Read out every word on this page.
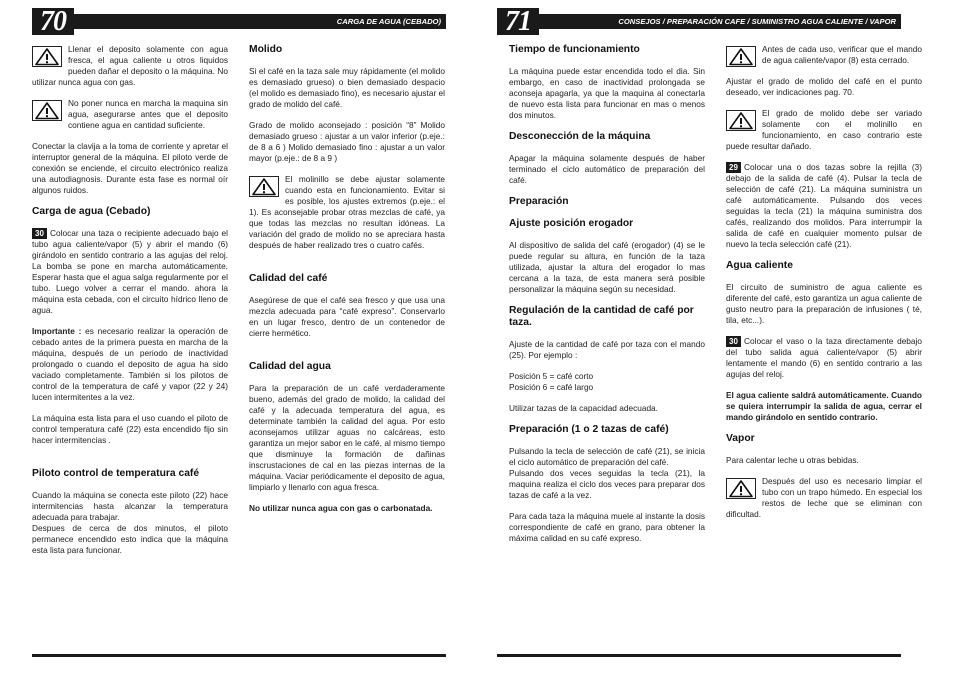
70	CARGA DE AGUA (CEBADO)

Llenar el deposito solamente con agua fresca, el agua caliente u otros liquidos pueden dañar el deposito o la máquina. No utilizar nunca agua con gas.

No poner nunca en marcha la maquina sin agua, asegurarse antes que el deposito contiene agua en cantidad suficiente.

Conectar la clavija a la toma de corriente y apretar el interruptor general de la máquina. El piloto verde de conexión se enciende, el circuito electrónico realiza una autodiagnosis. Durante esta fase es normal oír algunos ruidos.

Carga de agua (Cebado)

30 Colocar una taza o recipiente adecuado bajo el tubo agua caliente/vapor (5) y abrir el mando (6) girándolo en sentido contrario a las agujas del reloj. La bomba se pone en marcha automáticamente. Esperar hasta que el agua salga regularmente por el tubo. Luego volver a cerrar el mando. ahora la máquina esta cebada, con el circuito hídrico lleno de agua.

Importante : es necesario realizar la operación de cebado antes de la primera puesta en marcha de la máquina, después de un periodo de inactividad prolongado o cuando el deposito de agua ha sido vaciado completamente. También si los pilotos de control de la temperatura de café y vapor (22 y 24) lucen intermitentes a la vez.

La máquina esta lista para el uso cuando el piloto de control temperatura café (22) esta encendido fijo sin hacer intermitencias .

Piloto control de temperatura café

Cuando la máquina se conecta este piloto (22) hace intermitencias hasta alcanzar la temperatura adecuada para trabajar.

Despues de cerca de dos minutos, el piloto permanece encendido esto indica que la máquina esta lista para funcionar.

Molido

Si el café en la taza sale muy rápidamente (el molido es demasiado grueso) o bien demasiado despacio (el molido es demasiado fino), es necesario ajustar el grado de molido del café.

Grado de molido aconsejado : posición “8” Molido demasiado grueso : ajustar a un valor inferior (p.eje.: de 8 a 6 ) Molido demasiado fino : ajustar a un valor mayor (p.eje.: de 8 a 9 )

El molinillo se debe ajustar solamente cuando esta en funcionamiento. Evitar si es posible, los ajustes extremos (p.eje.: el 1). Es aconsejable probar otras mezclas de café, ya que todas las mezclas no resultan idóneas. La variación del grado de molido no se apreciara hasta después de haber realizado tres o cuatro cafés.

Calidad del café

Asegúrese de que el café sea fresco y que usa una mezcla adecuada para “café expreso”. Conservarlo en un lugar fresco, dentro de un contenedor de cierre hermético.

Calidad del agua

Para la preparación de un café verdaderamente bueno, además del grado de molido, la calidad del café y la adecuada temperatura del agua, es determinate también la calidad del agua. Por esto aconsejamos utilizar aguas no calcáreas, esto garantiza un mejor sabor en le café, al mismo tiempo que disminuye la formación de dañinas inscrustaciones de cal en las piezas internas de la máquina. Vaciar periódicamente el deposito de agua, limpiarlo y llenarlo con agua fresca.

No utilizar nunca agua con gas o carbonatada.

71	CONSEJOS / PREPARACIÓN CAFE / SUMINISTRO AGUA CALIENTE / VAPOR
Tiempo de funcionamiento

La máquina puede estar encendida todo el dia. Sin embargo, en caso de inactividad prolongada se aconseja apagarla, ya que la maquina al conectarla de nuevo esta lista para funcionar en mas o menos dos minutos.

Desconección de la máquina

Apagar la máquina solamente después de haber terminado el ciclo automático de preparación del café.

Preparación
Ajuste posición erogador

Al dispositivo de salida del café (erogador) (4) se le puede regular su altura, en función de la taza utilizada, ajustar la altura del erogador lo mas cercana a la taza, de esta manera será posible personalizar la máquina según su necesidad.

Regulación de la cantidad de café por taza.

Ajuste de la cantidad de café por taza con el mando (25). Por ejemplo :

Posición 5 = café corto

Posición 6 = café largo

Utilizar tazas de la capacidad adecuada.

Preparación (1 o 2 tazas de café)

Pulsando la tecla de selección de café (21), se inicia el ciclo automático de preparación del café.

Pulsando dos veces seguidas la tecla (21), la maquina realiza el ciclo dos veces para preparar dos tazas de café a la vez.

Para cada taza la máquina muele al instante la dosis correspondiente de café en grano, para obtener la máxima calidad en su café expreso.

Antes de cada uso, verificar que el mando de agua caliente/vapor (8) esta cerrado.

Ajustar el grado de molido del café en el punto deseado, ver indicaciones pag. 70.

El grado de molido debe ser variado solamente con el molinillo en funcionamiento, en caso contrario este puede resultar dañado.

29 Colocar una o dos tazas sobre la rejilla (3) debajo de la salida de café (4). Pulsar la tecla de selección de café (21). La máquina suministra un café automáticamente. Pulsando dos veces seguidas la tecla (21) la máquina suministra dos cafés, realizando dos molidos. Para interrumpir la salida de café en cualquier momento pulsar de nuevo la tecla selección café (21).

Agua caliente

El circuito de suministro de agua caliente es diferente del café, esto garantiza un agua caliente de gusto neutro para la preparación de infusiones ( té, tila, etc...).

30 Colocar el vaso o la taza directamente debajo del tubo salida agua caliente/vapor (5) abrir lentamente el mando (6) en sentido contrario a las agujas del reloj.

El agua caliente saldrá automáticamente. Cuando se quiera interrumpir la salida de agua, cerrar el mando girándolo en sentido contrario.

Vapor

Para calentar leche u otras bebidas.

Después del uso es necesario limpiar el tubo con un trapo húmedo. En especial los restos de leche que se eliminan con dificultad.
